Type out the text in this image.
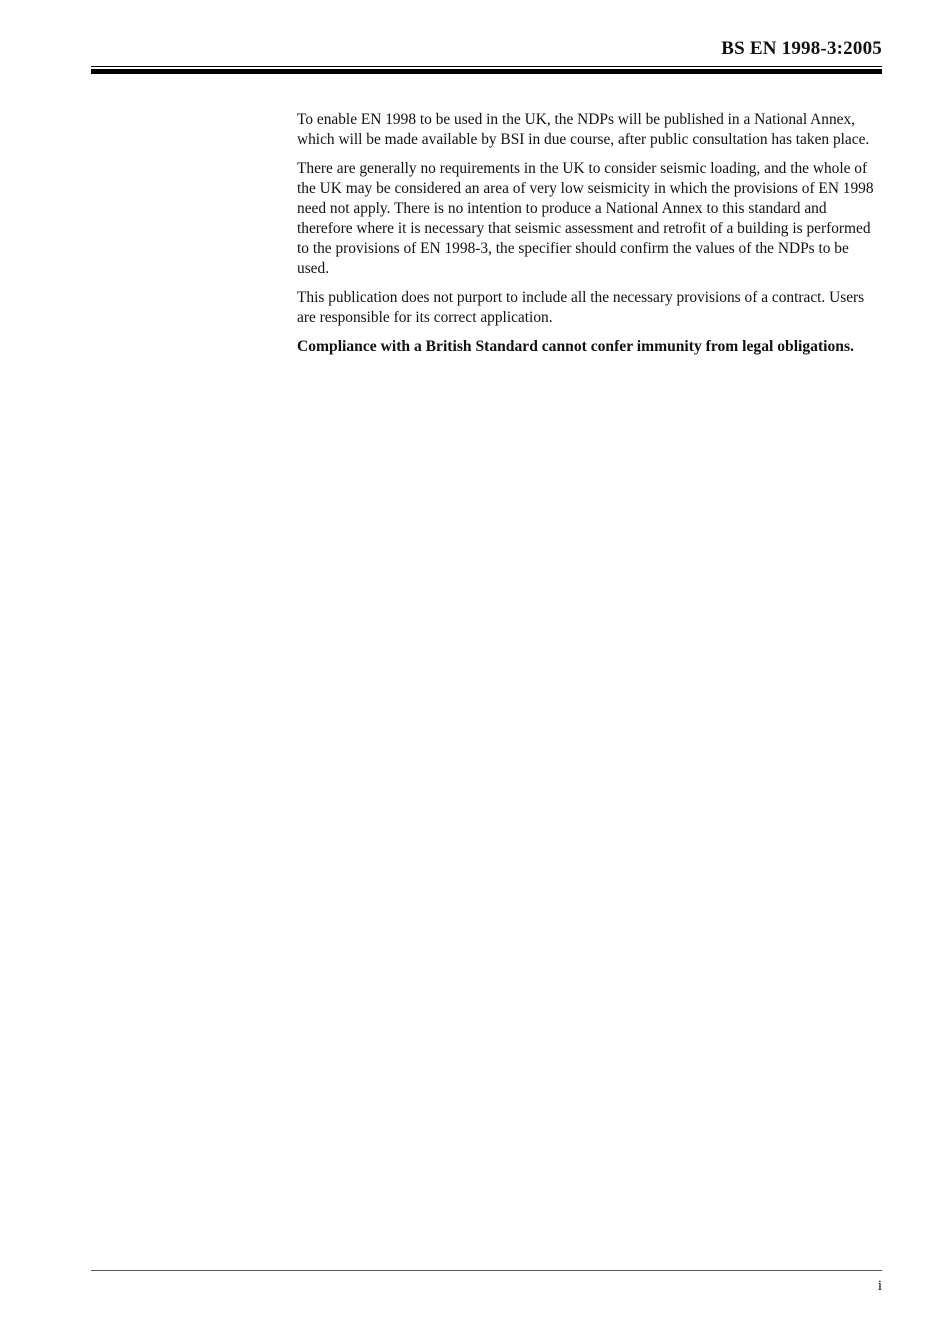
BS EN 1998-3:2005

To enable EN 1998 to be used in the UK, the NDPs will be published in a National Annex, which will be made available by BSI in due course, after public consultation has taken place.

There are generally no requirements in the UK to consider seismic loading, and the whole of the UK may be considered an area of very low seismicity in which the provisions of EN 1998 need not apply. There is no intention to produce a National Annex to this standard and therefore where it is necessary that seismic assessment and retrofit of a building is performed to the provisions of EN 1998-3, the specifier should confirm the values of the NDPs to be used.

This publication does not purport to include all the necessary provisions of a contract. Users are responsible for its correct application.

Compliance with a British Standard cannot confer immunity from legal obligations.

i
